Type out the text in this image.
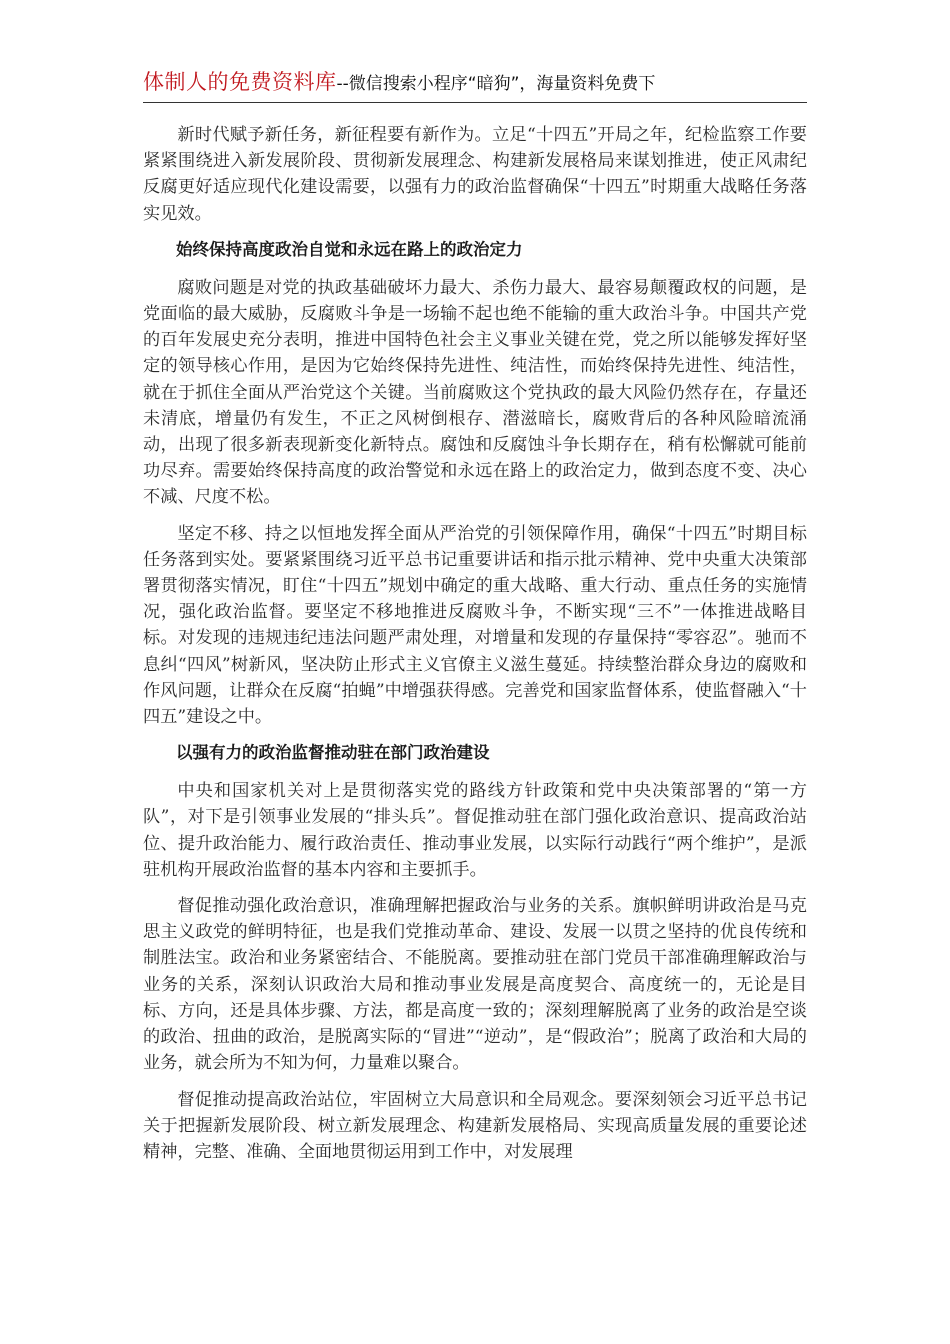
体制人的免费资料库--微信搜索小程序“暗狗”，海量资料免费下

新时代赋予新任务，新征程要有新作为。立足“十四五”开局之年，纪检监察工作要紧紧围绕进入新发展阶段、贯彻新发展理念、构建新发展格局来谋划推进，使正风肃纪反腐更好适应现代化建设需要，以强有力的政治监督确保“十四五”时期重大战略任务落实见效。

始终保持高度政治自觉和永远在路上的政治定力

腐败问题是对党的执政基础破坏力最大、杀伤力最大、最容易颠覆政权的问题，是党面临的最大威胁，反腐败斗争是一场输不起也绝不能输的重大政治斗争。中国共产党的百年发展史充分表明，推进中国特色社会主义事业关键在党，党之所以能够发挥好坚定的领导核心作用，是因为它始终保持先进性、纯洁性，而始终保持先进性、纯洁性，就在于抓住全面从严治党这个关键。当前腐败这个党执政的最大风险仍然存在，存量还未清底，增量仍有发生，不正之风树倒根存、潜滋暗长，腐败背后的各种风险暗流涌动，出现了很多新表现新变化新特点。腐蚀和反腐蚀斗争长期存在，稍有松懈就可能前功尽弃。需要始终保持高度的政治警觉和永远在路上的政治定力，做到态度不变、决心不减、尺度不松。

坚定不移、持之以恒地发挥全面从严治党的引领保障作用，确保“十四五”时期目标任务落到实处。要紧紧围绕习近平总书记重要讲话和指示批示精神、党中央重大决策部署贯彻落实情况，盯住“十四五”规划中确定的重大战略、重大行动、重点任务的实施情况，强化政治监督。要坚定不移地推进反腐败斗争，不断实现“三不”一体推进战略目标。对发现的违规违纪违法问题严肃处理，对增量和发现的存量保持“零容忍”。驰而不息纠“四风”树新风，坚决防止形式主义官僚主义滋生蔓延。持续整治群众身边的腐败和作风问题，让群众在反腐“拍蝇”中增强获得感。完善党和国家监督体系，使监督融入“十四五”建设之中。

以强有力的政治监督推动驻在部门政治建设

中央和国家机关对上是贯彻落实党的路线方针政策和党中央决策部署的“第一方队”，对下是引领事业发展的“排头兵”。督促推动驻在部门强化政治意识、提高政治站位、提升政治能力、履行政治责任、推动事业发展，以实际行动践行“两个维护”，是派驻机构开展政治监督的基本内容和主要抓手。

督促推动强化政治意识，准确理解把握政治与业务的关系。旗帜鲜明讲政治是马克思主义政党的鲜明特征，也是我们党推动革命、建设、发展一以贯之坚持的优良传统和制胜法宝。政治和业务紧密结合、不能脱离。要推动驻在部门党员干部准确理解政治与业务的关系，深刻认识政治大局和推动事业发展是高度契合、高度统一的，无论是目标、方向，还是具体步骤、方法，都是高度一致的；深刻理解脱离了业务的政治是空谈的政治、扭曲的政治，是脱离实际的“冒进”“逆动”，是“假政治”；脱离了政治和大局的业务，就会所为不知为何，力量难以聚合。

督促推动提高政治站位，牢固树立大局意识和全局观念。要深刻领会习近平总书记关于把握新发展阶段、树立新发展理念、构建新发展格局、实现高质量发展的重要论述精神，完整、准确、全面地贯彻运用到工作中，对发展理
